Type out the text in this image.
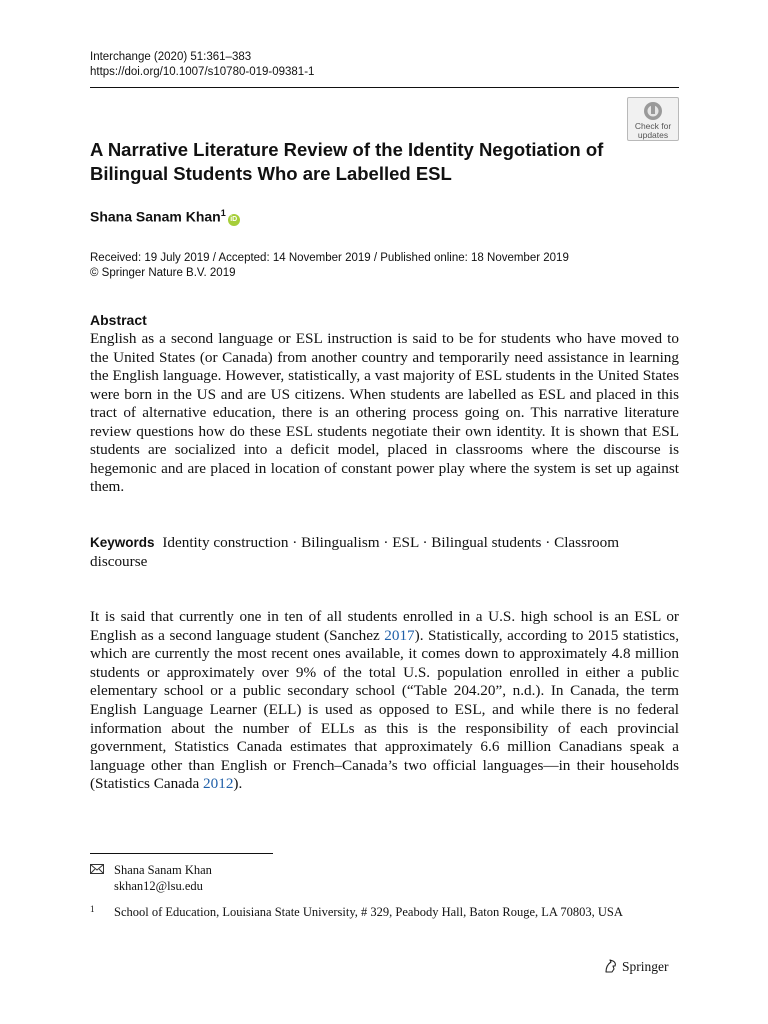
Interchange (2020) 51:361–383
https://doi.org/10.1007/s10780-019-09381-1
Check for
updates
A Narrative Literature Review of the Identity Negotiation of Bilingual Students Who are Labelled ESL
Shana Sanam Khan$^1$iD
Received: 19 July 2019 / Accepted: 14 November 2019 / Published online: 18 November 2019
© Springer Nature B.V. 2019
Abstract

English as a second language or ESL instruction is said to be for students who have moved to the United States (or Canada) from another country and temporarily need assistance in learning the English language. However, statistically, a vast majority of ESL students in the United States were born in the US and are US citizens. When students are labelled as ESL and placed in this tract of alternative education, there is an othering process going on. This narrative literature review questions how do these ESL students negotiate their own identity. It is shown that ESL students are socialized into a deficit model, placed in classrooms where the discourse is hegemonic and are placed in location of constant power play where the system is set up against them.

Keywords Identity construction · Bilingualism · ESL · Bilingual students · Classroom discourse

It is said that currently one in ten of all students enrolled in a U.S. high school is an ESL or English as a second language student (Sanchez 2017). Statistically, according to 2015 statistics, which are currently the most recent ones available, it comes down to approximately 4.8 million students or approximately over 9% of the total U.S. population enrolled in either a public elementary school or a public secondary school (“Table 204.20”, n.d.). In Canada, the term English Language Learner (ELL) is used as opposed to ESL, and while there is no federal information about the number of ELLs as this is the responsibility of each provincial government, Statistics Canada estimates that approximately 6.6 million Canadians speak a language other than English or French–Canada’s two official languages—in their households (Statistics Canada 2012).

Shana Sanam Khan
skhan12@lsu.edu
1 School of Education, Louisiana State University, # 329, Peabody Hall, Baton Rouge, LA 70803, USA
Springer
